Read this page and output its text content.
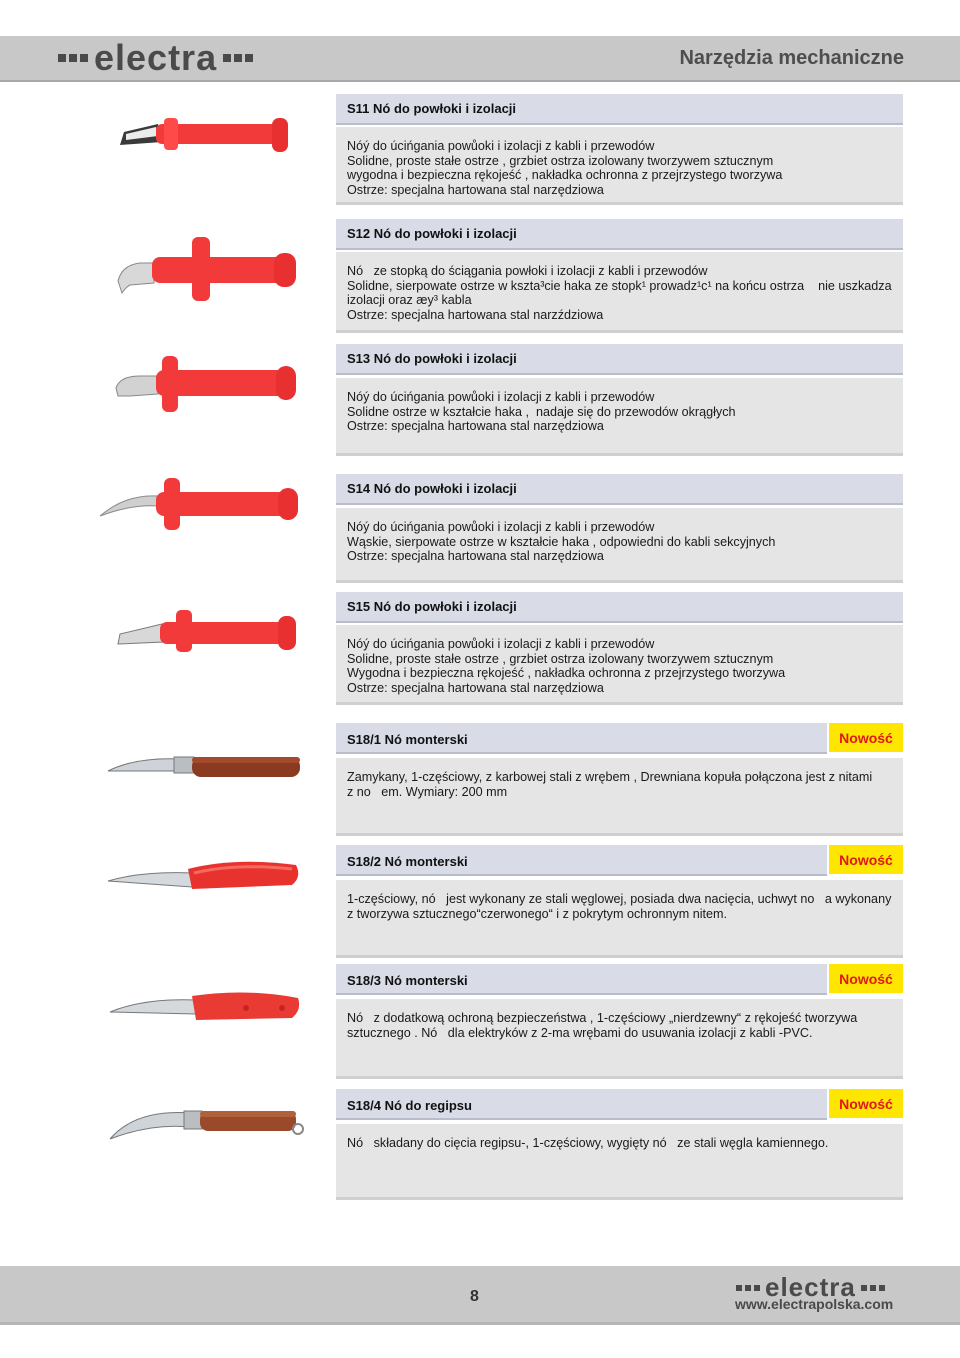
electra	Narzędzia mechaniczne
S11 Nó do powłoki i izolacji
Nóý do úcińgania powůoki i izolacji z kabli i przewodów
Solidne, proste stałe ostrze , grzbiet ostrza izolowany tworzywem sztucznym
wygodna i bezpieczna rękojeść , nakładka ochronna z przejrzystego tworzywa
Ostrze: specjalna hartowana stal narzędziowa
S12 Nó do powłoki i izolacji
Nó   ze stopką do ściągania powłoki i izolacji z kabli i przewodów
Solidne, sierpowate ostrze w kszta³cie haka ze stopk¹ prowadz¹c¹ na końcu ostrza    nie uszkadza
izolacji oraz æy³ kabla
Ostrze: specjalna hartowana stal narzździowa
S13 Nó do powłoki i izolacji
Nóý do úcińgania powůoki i izolacji z kabli i przewodów
Solidne ostrze w kształcie haka ,  nadaje się do przewodów okrągłych
Ostrze: specjalna hartowana stal narzędziowa
S14 Nó do powłoki i izolacji
Nóý do úcińgania powůoki i izolacji z kabli i przewodów
Wąskie, sierpowate ostrze w kształcie haka , odpowiedni do kabli sekcyjnych
Ostrze: specjalna hartowana stal narzędziowa
S15 Nó do powłoki i izolacji
Nóý do úcińgania powůoki i izolacji z kabli i przewodów
Solidne, proste stałe ostrze , grzbiet ostrza izolowany tworzywem sztucznym
Wygodna i bezpieczna rękojeść , nakładka ochronna z przejrzystego tworzywa
Ostrze: specjalna hartowana stal narzędziowa
S18/1 Nó monterski	Nowość
Zamykany, 1-częściowy, z karbowej stali z wrębem , Drewniana kopuła połączona jest z nitami
z no   em. Wymiary: 200 mm
S18/2 Nó monterski	Nowość
1-częściowy, nó   jest wykonany ze stali węglowej, posiada dwa nacięcia, uchwyt no   a wykonany
z tworzywa sztucznego“czerwonego“ i z pokrytym ochronnym nitem.
S18/3 Nó monterski	Nowość
Nó   z dodatkową ochroną bezpieczeństwa , 1-częściowy „nierdzewny“ z rękojeść tworzywa
sztucznego . Nó   dla elektryków z 2-ma wrębami do usuwania izolacji z kabli -PVC.
S18/4 Nó do regipsu	Nowość
Nó   składany do cięcia regipsu-, 1-częściowy, wygięty nó   ze stali węgla kamiennego.
8	electra
www.electrapolska.com
